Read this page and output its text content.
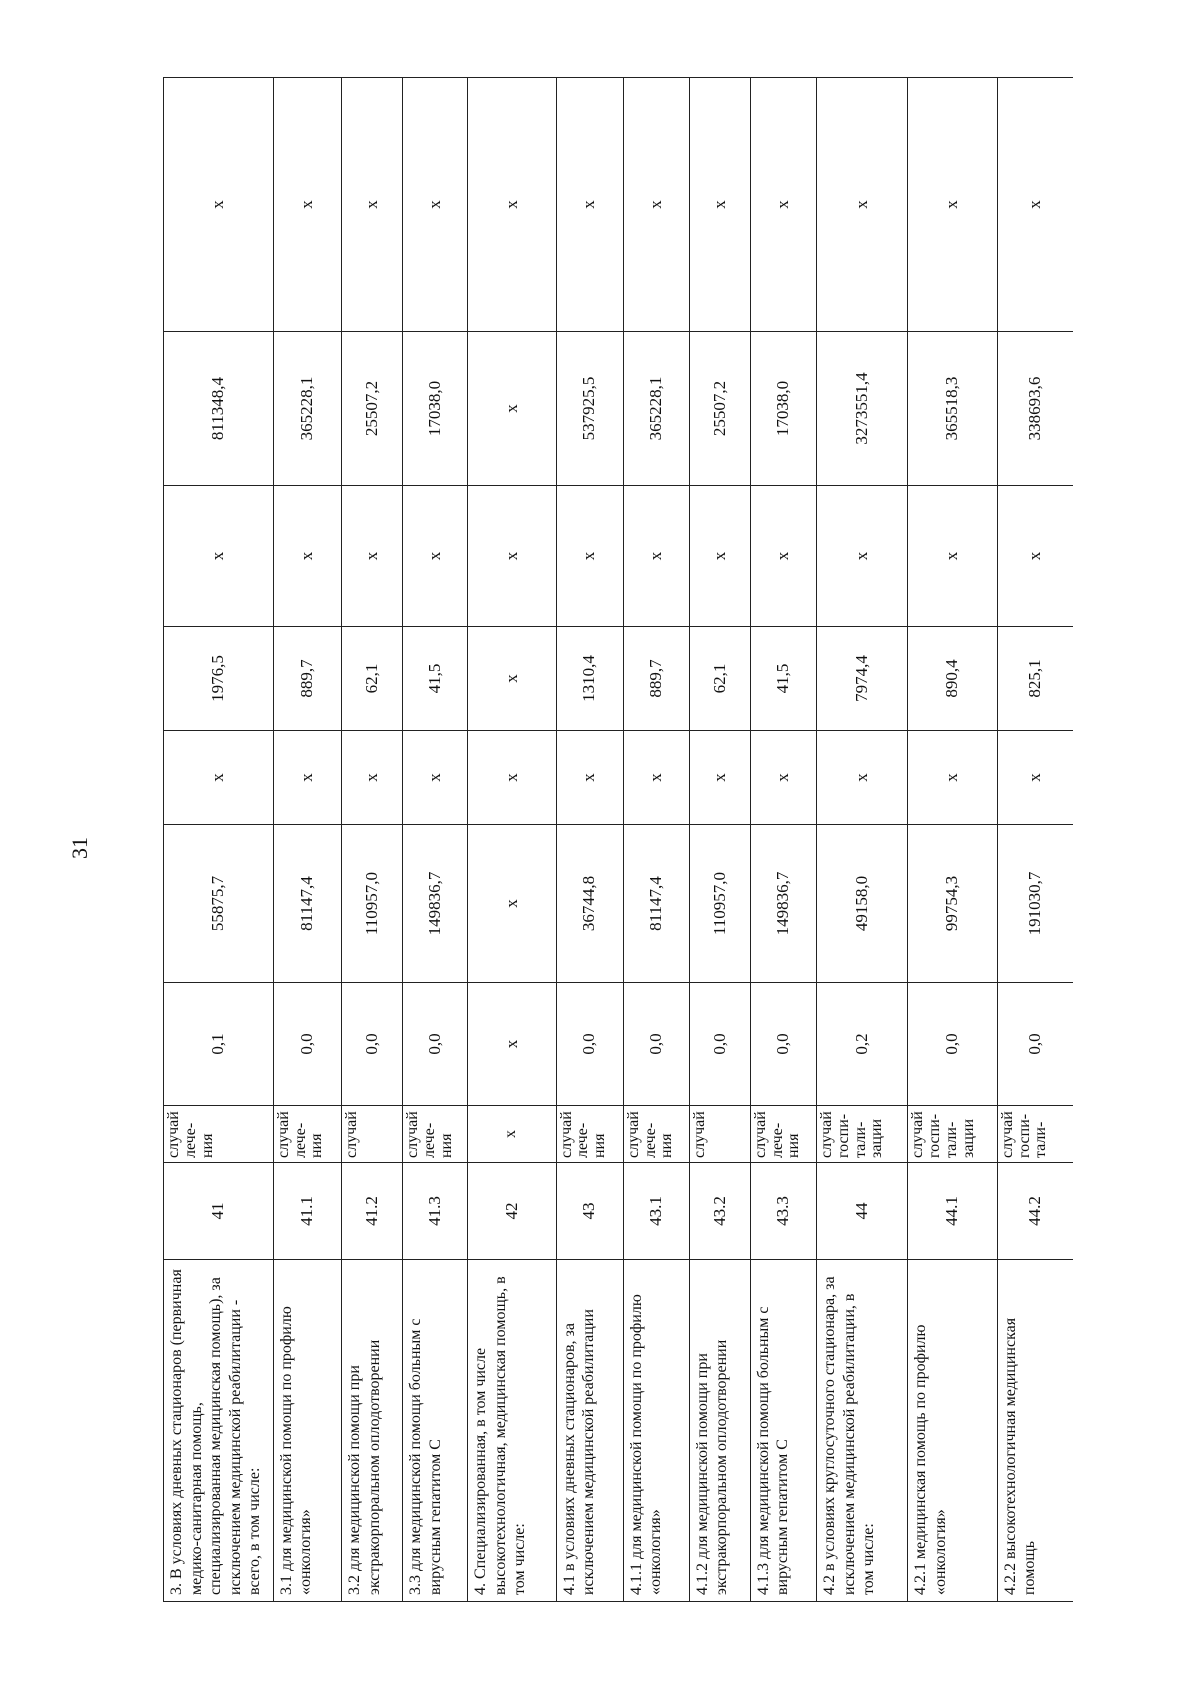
31
3. В условиях дневных стационаров (первичная медико-санитарная помощь, специализированная медицинская помощь), за исключением медицинской реабилитации - всего, в том числе:	41	случай лече-ния	0,1	55875,7	x	1976,5	x	811348,4	x
3.1 для медицинской помощи по профилю «онкология»	41.1	случай лече-ния	0,0	81147,4	x	889,7	x	365228,1	x
3.2 для медицинской помощи при экстракорпоральном оплодотворении	41.2	случай	0,0	110957,0	x	62,1	x	25507,2	x
3.3 для медицинской помощи больным с вирусным гепатитом С	41.3	случай лече-ния	0,0	149836,7	x	41,5	x	17038,0	x
4. Специализированная, в том числе высокотехнологичная, медицинская помощь, в том числе:	42	x	x	x	x	x	x	x	x
4.1 в условиях дневных стационаров, за исключением медицинской реабилитации	43	случай лече-ния	0,0	36744,8	x	1310,4	x	537925,5	x
4.1.1 для медицинской помощи по профилю «онкология»	43.1	случай лече-ния	0,0	81147,4	x	889,7	x	365228,1	x
4.1.2 для медицинской помощи при экстракорпоральном оплодотворении	43.2	случай	0,0	110957,0	x	62,1	x	25507,2	x
4.1.3 для медицинской помощи больным с вирусным гепатитом С	43.3	случай лече-ния	0,0	149836,7	x	41,5	x	17038,0	x
4.2 в условиях круглосуточного стационара, за исключением медицинской реабилитации, в том числе:	44	случай госпи-тали-зации	0,2	49158,0	x	7974,4	x	3273551,4	x
4.2.1 медицинская помощь по профилю «онкология»	44.1	случай госпи-тали-зации	0,0	99754,3	x	890,4	x	365518,3	x
4.2.2 высокотехнологичная медицинская помощь	44.2	случай госпи-тали-	0,0	191030,7	x	825,1	x	338693,6	x
